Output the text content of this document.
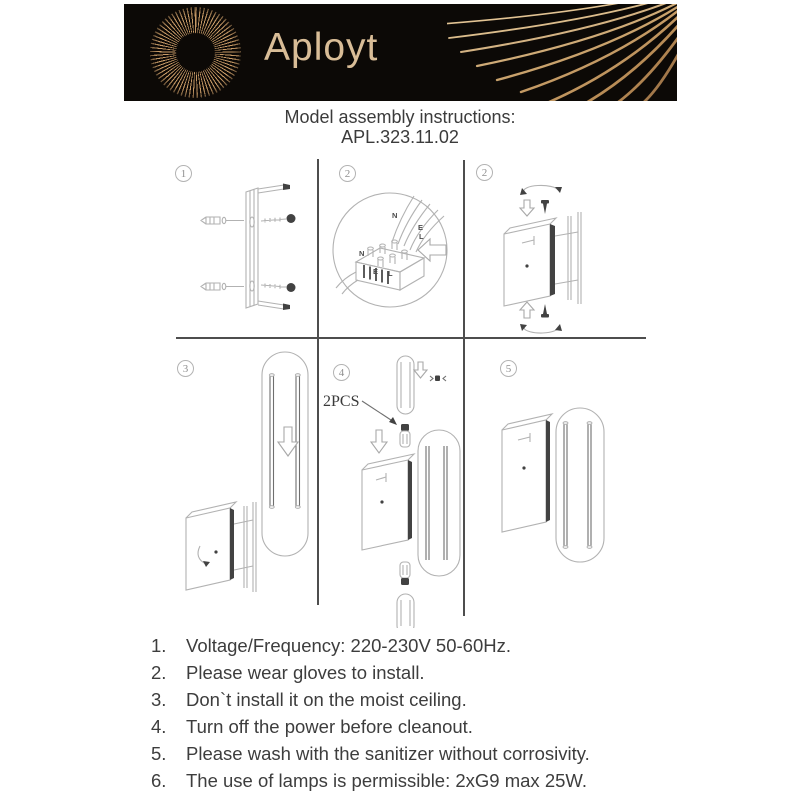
Aployt
Model assembly instructions:
APL.323.11.02
1	2	2
3	4	5
N
E
L
N
E L
2PCS
1.	Voltage/Frequency: 220-230V 50-60Hz.
2.	Please wear gloves to install.
3.	Don`t install it on the moist ceiling.
4.	Turn off the power before cleanout.
5.	Please wash with the sanitizer without corrosivity.
6.	The use of lamps is permissible: 2xG9 max 25W.
